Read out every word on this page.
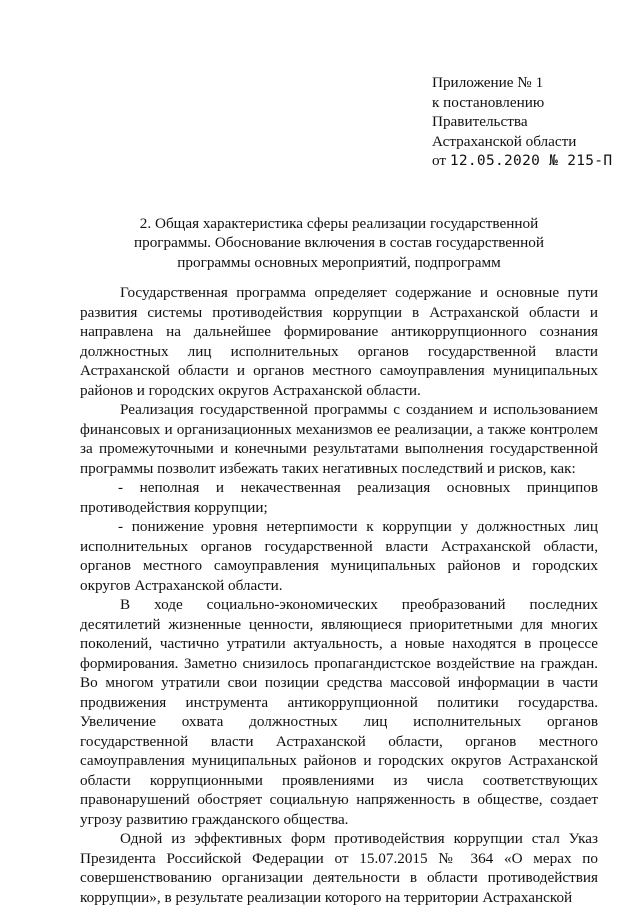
Приложение № 1
к постановлению
Правительства
Астраханской области
от 12.05.2020 № 215-П
2. Общая характеристика сферы реализации государственной программы. Обоснование включения в состав государственной программы основных мероприятий, подпрограмм

Государственная программа определяет содержание и основные пути развития системы противодействия коррупции в Астраханской области и направлена на дальнейшее формирование антикоррупционного сознания должностных лиц исполнительных органов государственной власти Астраханской области и органов местного самоуправления муниципальных районов и городских округов Астраханской области.

Реализация государственной программы с созданием и использованием финансовых и организационных механизмов ее реализации, а также контролем за промежуточными и конечными результатами выполнения государственной программы позволит избежать таких негативных последствий и рисков, как:

- неполная и некачественная реализация основных принципов противодействия коррупции;

- понижение уровня нетерпимости к коррупции у должностных лиц исполнительных органов государственной власти Астраханской области, органов местного самоуправления муниципальных районов и городских округов Астраханской области.

В ходе социально-экономических преобразований последних десятилетий жизненные ценности, являющиеся приоритетными для многих поколений, частично утратили актуальность, а новые находятся в процессе формирования. Заметно снизилось пропагандистское воздействие на граждан. Во многом утратили свои позиции средства массовой информации в части продвижения инструмента антикоррупционной политики государства. Увеличение охвата должностных лиц исполнительных органов государственной власти Астраханской области, органов местного самоуправления муниципальных районов и городских округов Астраханской области коррупционными проявлениями из числа соответствующих правонарушений обостряет социальную напряженность в обществе, создает угрозу развитию гражданского общества.

Одной из эффективных форм противодействия коррупции стал Указ Президента Российской Федерации от 15.07.2015 № 364 «О мерах по совершенствованию организации деятельности в области противодействия коррупции», в результате реализации которого на территории Астраханской
